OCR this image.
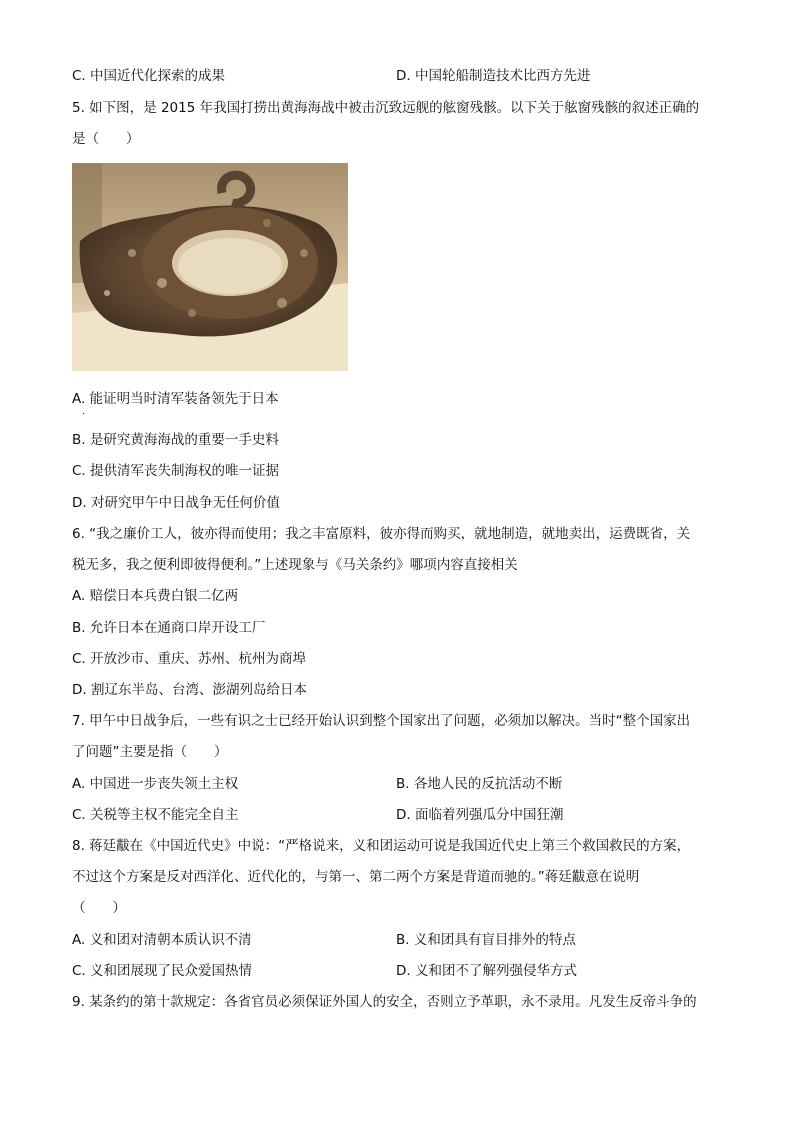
C. 中国近代化探索的成果	D. 中国轮船制造技术比西方先进
5. 如下图，是 2015 年我国打捞出黄海海战中被击沉致远舰的舷窗残骸。以下关于舷窗残骸的叙述正确的
是（　　）
A. 能证明当时清军装备领先于日本
·
B. 是研究黄海海战的重要一手史料
C. 提供清军丧失制海权的唯一证据
D. 对研究甲午中日战争无任何价值
6. “我之廉价工人，彼亦得而使用；我之丰富原料，彼亦得而购买，就地制造，就地卖出，运费既省，关
税无多，我之便利即彼得便利。”上述现象与《马关条约》哪项内容直接相关
A. 赔偿日本兵费白银二亿两
B. 允许日本在通商口岸开设工厂
C. 开放沙市、重庆、苏州、杭州为商埠
D. 割辽东半岛、台湾、澎湖列岛给日本
7. 甲午中日战争后，一些有识之士已经开始认识到整个国家出了问题，必须加以解决。当时“整个国家出
了问题”主要是指（　　）
A. 中国进一步丧失领土主权	B. 各地人民的反抗活动不断
C. 关税等主权不能完全自主	D. 面临着列强瓜分中国狂潮
8. 蒋廷黻在《中国近代史》中说：“严格说来，义和团运动可说是我国近代史上第三个救国救民的方案，
不过这个方案是反对西洋化、近代化的，与第一、第二两个方案是背道而驰的。”蒋廷黻意在说明
（　　）
A. 义和团对清朝本质认识不清	B. 义和团具有盲目排外的特点
C. 义和团展现了民众爱国热情	D. 义和团不了解列强侵华方式
9. 某条约的第十款规定：各省官员必须保证外国人的安全，否则立予革职，永不录用。凡发生反帝斗争的
